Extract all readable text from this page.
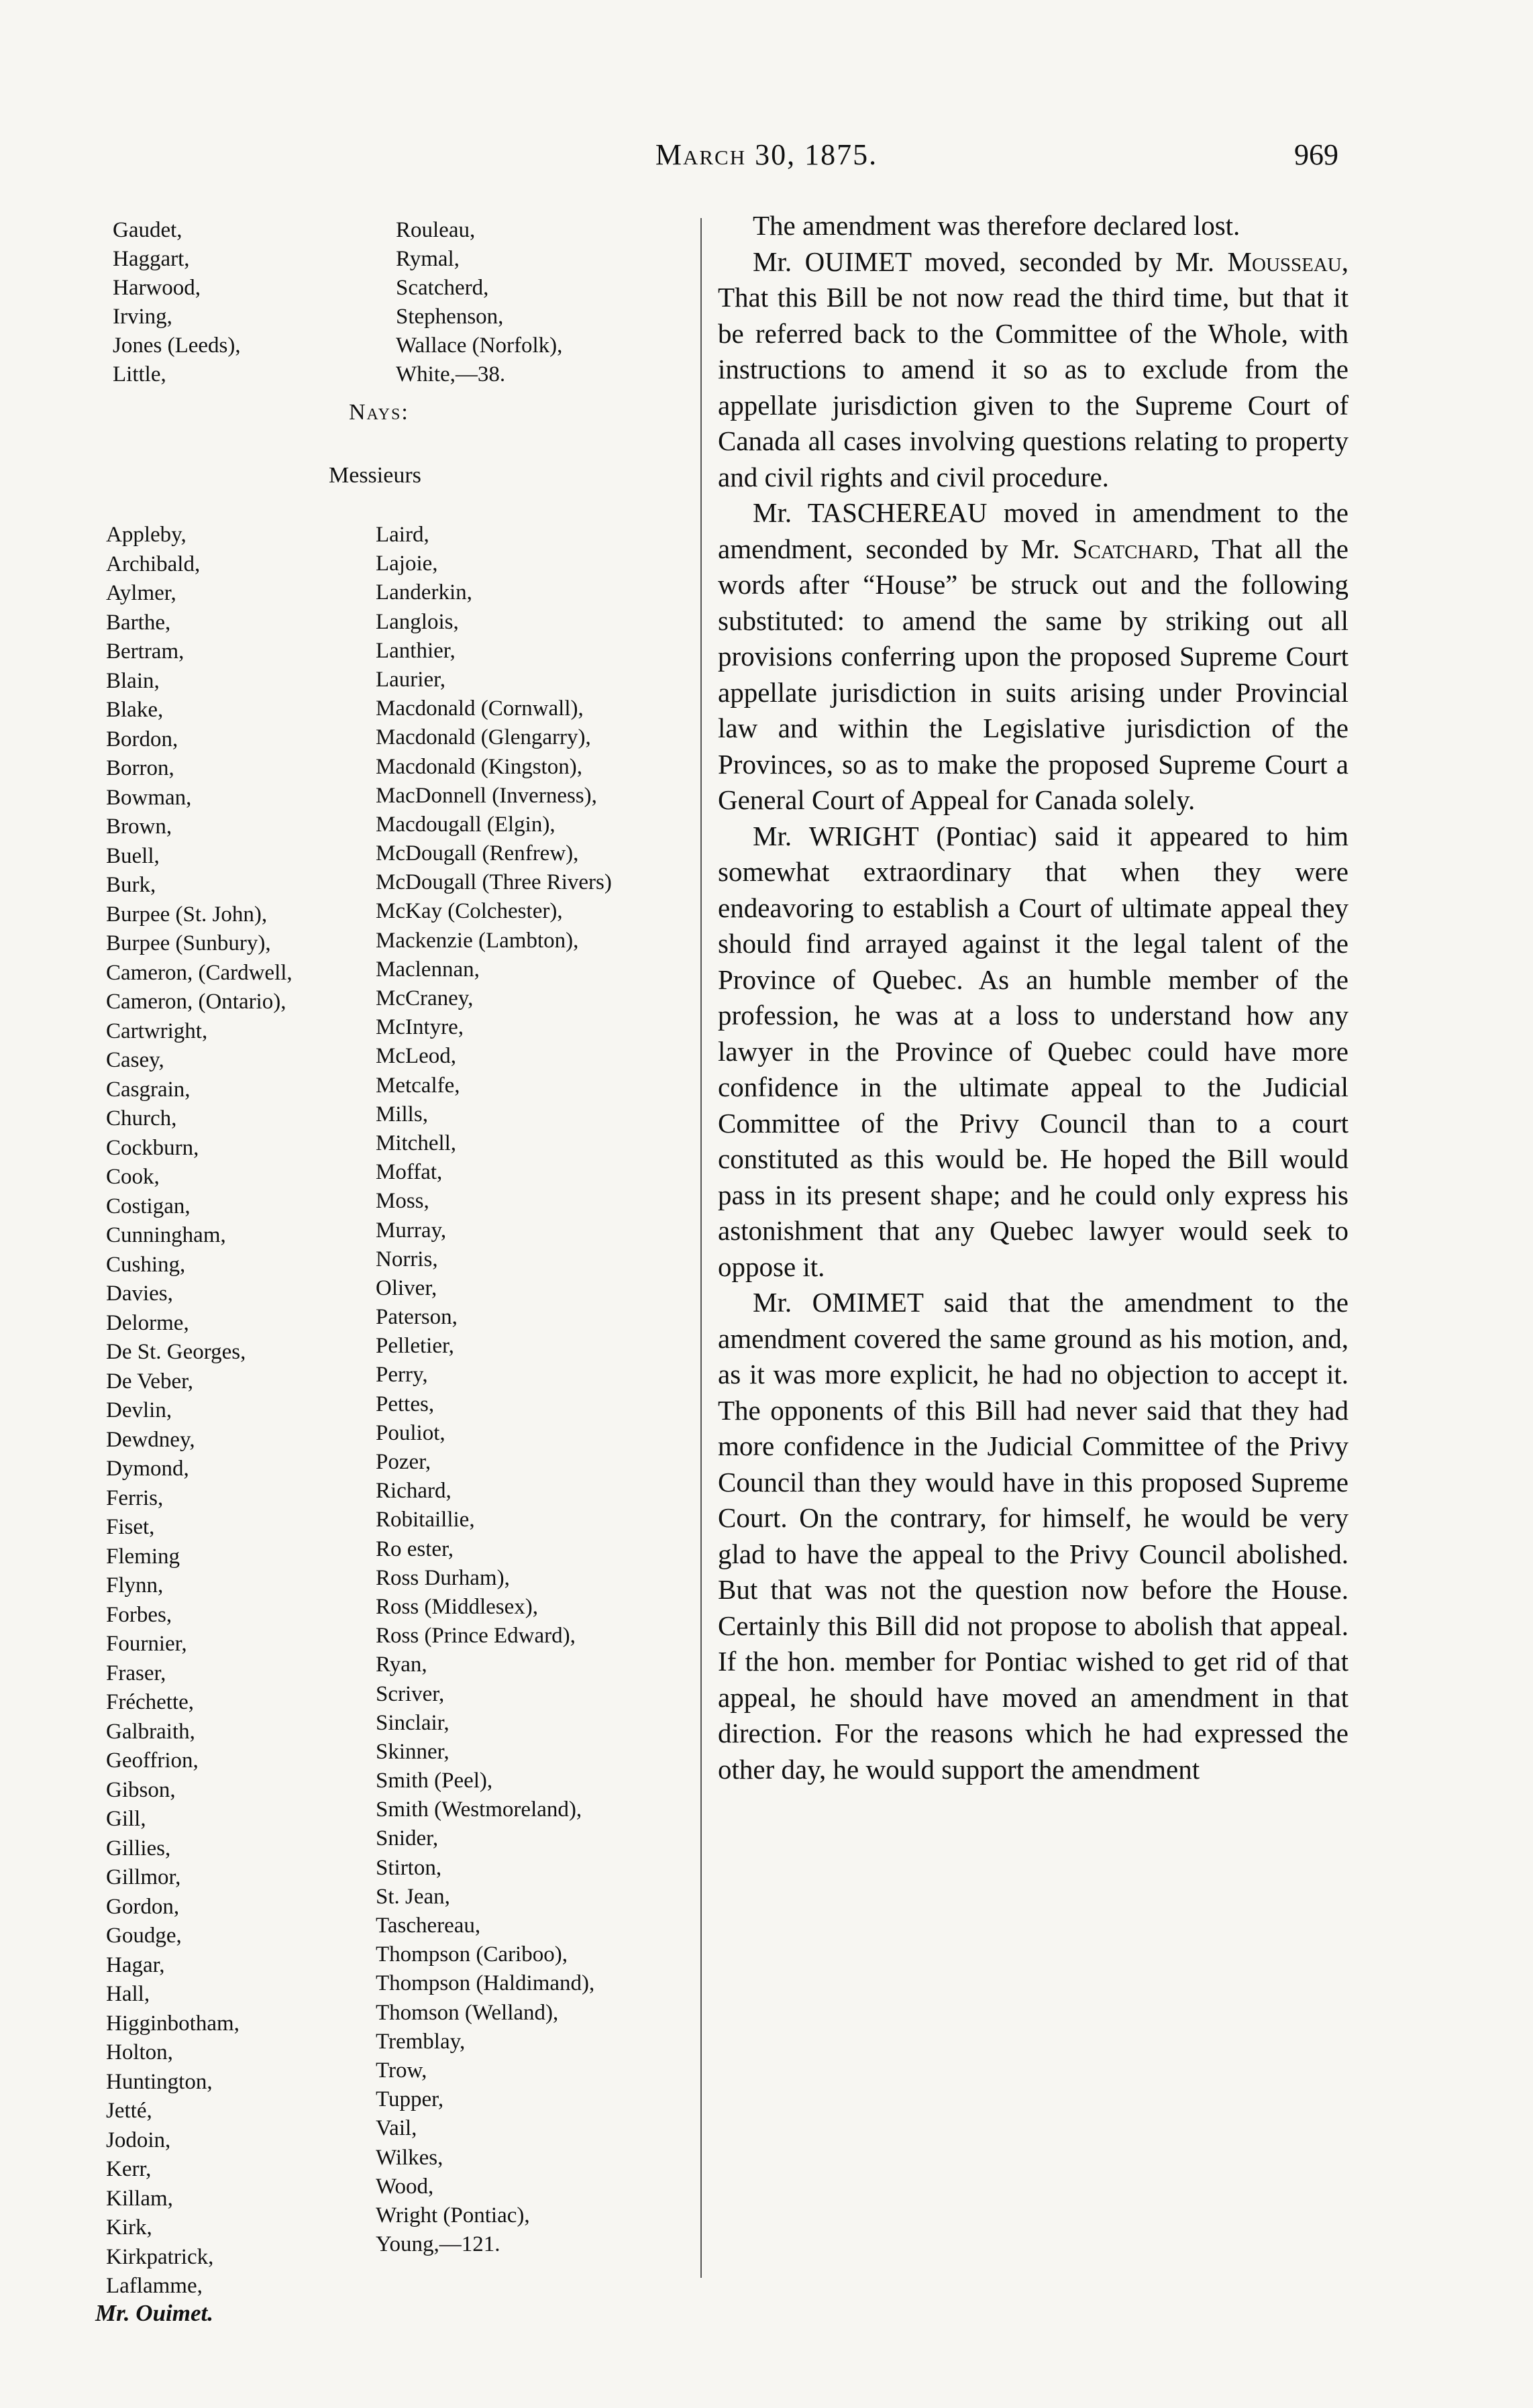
March 30, 1875.	969
Gaudet,
Haggart,
Harwood,
Irving,
Jones (Leeds),
Little,
Rouleau,
Rymal,
Scatcherd,
Stephenson,
Wallace (Norfolk),
White,—38.
Nays:
Messieurs
Appleby,
Archibald,
Aylmer,
Barthe,
Bertram,
Blain,
Blake,
Bordon,
Borron,
Bowman,
Brown,
Buell,
Burk,
Burpee (St. John),
Burpee (Sunbury),
Cameron, (Cardwell,
Cameron, (Ontario),
Cartwright,
Casey,
Casgrain,
Church,
Cockburn,
Cook,
Costigan,
Cunningham,
Cushing,
Davies,
Delorme,
De St. Georges,
De Veber,
Devlin,
Dewdney,
Dymond,
Ferris,
Fiset,
Fleming
Flynn,
Forbes,
Fournier,
Fraser,
Fréchette,
Galbraith,
Geoffrion,
Gibson,
Gill,
Gillies,
Gillmor,
Gordon,
Goudge,
Hagar,
Hall,
Higginbotham,
Holton,
Huntington,
Jetté,
Jodoin,
Kerr,
Killam,
Kirk,
Kirkpatrick,
Laflamme,
Laird,
Lajoie,
Landerkin,
Langlois,
Lanthier,
Laurier,
Macdonald (Cornwall),
Macdonald (Glengarry),
Macdonald (Kingston),
MacDonnell (Inverness),
Macdougall (Elgin),
McDougall (Renfrew),
McDougall (Three Rivers)
McKay (Colchester),
Mackenzie (Lambton),
Maclennan,
McCraney,
McIntyre,
McLeod,
Metcalfe,
Mills,
Mitchell,
Moffat,
Moss,
Murray,
Norris,
Oliver,
Paterson,
Pelletier,
Perry,
Pettes,
Pouliot,
Pozer,
Richard,
Robitaillie,
Ro ester,
Ross Durham),
Ross (Middlesex),
Ross (Prince Edward),
Ryan,
Scriver,
Sinclair,
Skinner,
Smith (Peel),
Smith (Westmoreland),
Snider,
Stirton,
St. Jean,
Taschereau,
Thompson (Cariboo),
Thompson (Haldimand),
Thomson (Welland),
Tremblay,
Trow,
Tupper,
Vail,
Wilkes,
Wood,
Wright (Pontiac),
Young,—121.
Mr. Ouimet.

The amendment was therefore declared lost.

Mr. OUIMET moved, seconded by Mr. Mousseau, That this Bill be not now read the third time, but that it be referred back to the Committee of the Whole, with instructions to amend it so as to exclude from the appellate jurisdiction given to the Supreme Court of Canada all cases involving questions relating to property and civil rights and civil procedure.

Mr. TASCHEREAU moved in amendment to the amendment, seconded by Mr. Scatchard, That all the words after “House” be struck out and the following substituted: to amend the same by striking out all provisions conferring upon the proposed Supreme Court appellate jurisdiction in suits arising under Provincial law and within the Legislative jurisdiction of the Provinces, so as to make the proposed Supreme Court a General Court of Appeal for Canada solely.

Mr. WRIGHT (Pontiac) said it appeared to him somewhat extraordinary that when they were endeavoring to establish a Court of ultimate appeal they should find arrayed against it the legal talent of the Province of Quebec. As an humble member of the profession, he was at a loss to understand how any lawyer in the Province of Quebec could have more confidence in the ultimate appeal to the Judicial Committee of the Privy Council than to a court constituted as this would be. He hoped the Bill would pass in its present shape; and he could only express his astonishment that any Quebec lawyer would seek to oppose it.

Mr. OMIMET said that the amendment to the amendment covered the same ground as his motion, and, as it was more explicit, he had no objection to accept it. The opponents of this Bill had never said that they had more confidence in the Judicial Committee of the Privy Council than they would have in this proposed Supreme Court. On the contrary, for himself, he would be very glad to have the appeal to the Privy Council abolished. But that was not the question now before the House. Certainly this Bill did not propose to abolish that appeal. If the hon. member for Pontiac wished to get rid of that appeal, he should have moved an amendment in that direction. For the reasons which he had expressed the other day, he would support the amendment
